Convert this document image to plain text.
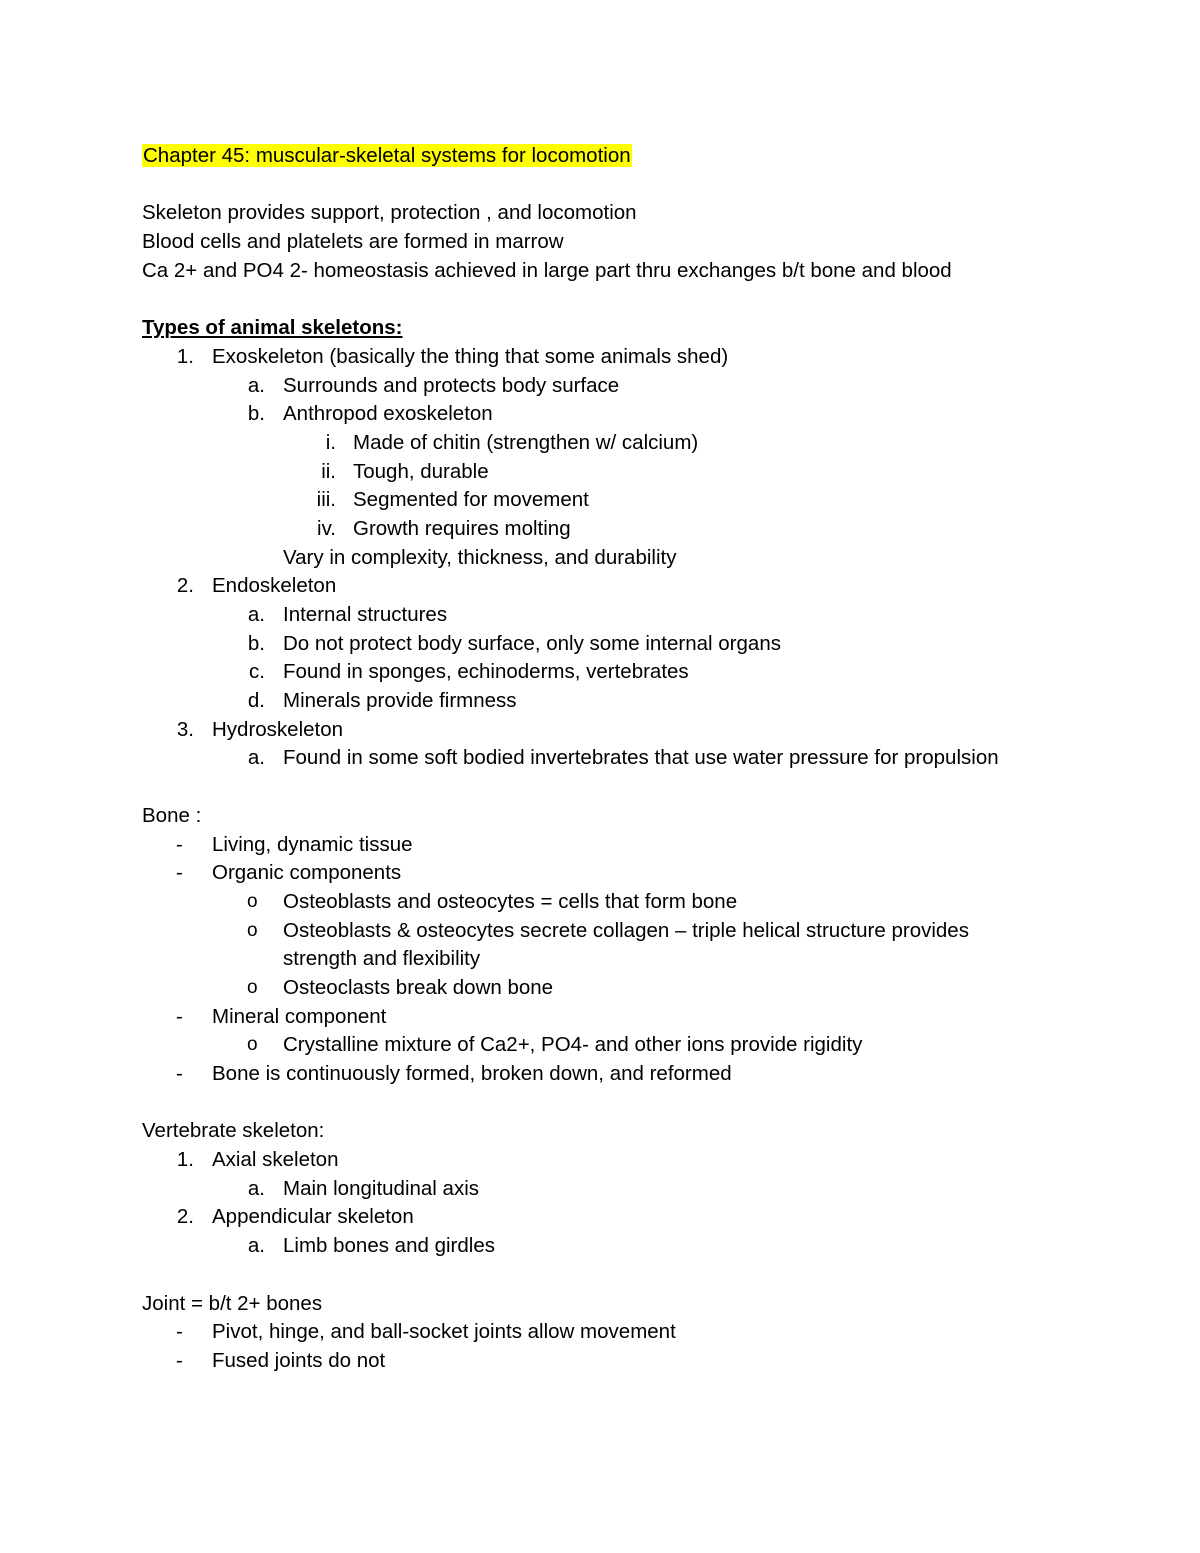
Chapter 45: muscular-skeletal systems for locomotion
Skeleton provides support, protection , and locomotion
Blood cells and platelets are formed in marrow
Ca 2+ and PO4 2- homeostasis achieved in large part thru exchanges b/t bone and blood
Types of animal skeletons:
1. Exoskeleton (basically the thing that some animals shed)
a. Surrounds and protects body surface
b. Anthropod exoskeleton
i. Made of chitin (strengthen w/ calcium)
ii. Tough, durable
iii. Segmented for movement
iv. Growth requires molting
Vary in complexity, thickness, and durability
2. Endoskeleton
a. Internal structures
b. Do not protect body surface, only some internal organs
c. Found in sponges, echinoderms, vertebrates
d. Minerals provide firmness
3. Hydroskeleton
a. Found in some soft bodied invertebrates that use water pressure for propulsion
Bone :
- Living, dynamic tissue
- Organic components
o Osteoblasts and osteocytes = cells that form bone
o Osteoblasts & osteocytes secrete collagen – triple helical structure provides
strength and flexibility
o Osteoclasts break down bone
- Mineral component
o Crystalline mixture of Ca2+, PO4- and other ions provide rigidity
- Bone is continuously formed, broken down, and reformed
Vertebrate skeleton:
1. Axial skeleton
a. Main longitudinal axis
2. Appendicular skeleton
a. Limb bones and girdles
Joint = b/t 2+ bones
- Pivot, hinge, and ball-socket joints allow movement
- Fused joints do not
